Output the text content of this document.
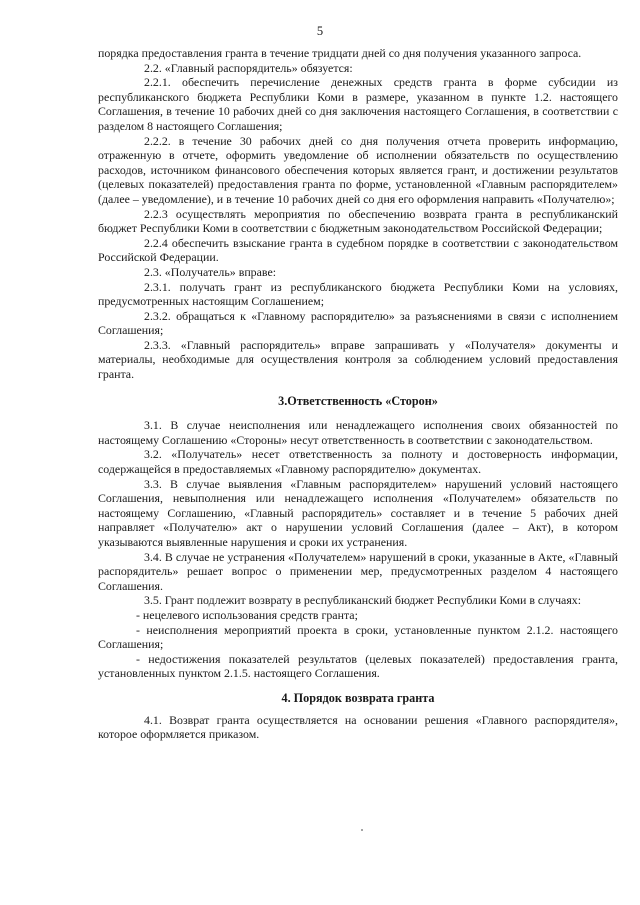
5

порядка предоставления гранта в течение тридцати дней со дня получения указанного запроса.

2.2. «Главный распорядитель» обязуется:

2.2.1. обеспечить перечисление денежных средств гранта в форме субсидии из республиканского бюджета Республики Коми в размере, указанном в пункте 1.2. настоящего Соглашения, в течение 10 рабочих дней со дня заключения настоящего Соглашения, в соответствии с разделом 8 настоящего Соглашения;

2.2.2. в течение 30 рабочих дней со дня получения отчета проверить информацию, отраженную в отчете, оформить уведомление об исполнении обязательств по осуществлению расходов, источником финансового обеспечения которых является грант, и достижении результатов (целевых показателей) предоставления гранта по форме, установленной «Главным распорядителем» (далее – уведомление), и в течение 10 рабочих дней со дня его оформления направить «Получателю»;

2.2.3 осуществлять мероприятия по обеспечению возврата гранта в республиканский бюджет Республики Коми в соответствии с бюджетным законодательством Российской Федерации;

2.2.4 обеспечить взыскание гранта в судебном порядке в соответствии с законодательством Российской Федерации.

2.3. «Получатель» вправе:

2.3.1. получать грант из республиканского бюджета Республики Коми на условиях, предусмотренных настоящим Соглашением;

2.3.2. обращаться к «Главному распорядителю» за разъяснениями в связи с исполнением Соглашения;

2.3.3. «Главный распорядитель» вправе запрашивать у «Получателя» документы и материалы, необходимые для осуществления контроля за соблюдением условий предоставления гранта.

3.Ответственность «Сторон»

3.1. В случае неисполнения или ненадлежащего исполнения своих обязанностей по настоящему Соглашению «Стороны» несут ответственность в соответствии с законодательством.

3.2. «Получатель» несет ответственность за полноту и достоверность информации, содержащейся в предоставляемых «Главному распорядителю» документах.

3.3. В случае выявления «Главным распорядителем» нарушений условий настоящего Соглашения, невыполнения или ненадлежащего исполнения «Получателем» обязательств по настоящему Соглашению, «Главный распорядитель» составляет и в течение 5 рабочих дней направляет «Получателю» акт о нарушении условий Соглашения (далее – Акт), в котором указываются выявленные нарушения и сроки их устранения.

3.4. В случае не устранения «Получателем» нарушений в сроки, указанные в Акте, «Главный распорядитель» решает вопрос о применении мер, предусмотренных разделом 4 настоящего Соглашения.

3.5. Грант подлежит возврату в республиканский бюджет Республики Коми в случаях:

- нецелевого использования средств гранта;

- неисполнения мероприятий проекта в сроки, установленные пунктом 2.1.2. настоящего Соглашения;

- недостижения показателей результатов (целевых показателей) предоставления гранта, установленных пунктом 2.1.5. настоящего Соглашения.

4. Порядок возврата гранта

4.1. Возврат гранта осуществляется на основании решения «Главного распорядителя», которое оформляется приказом.
